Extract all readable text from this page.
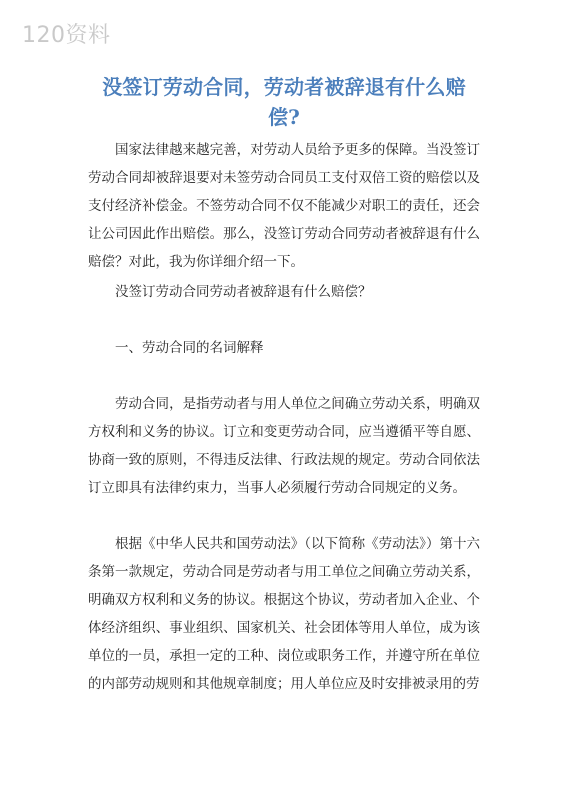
120资料
没签订劳动合同，劳动者被辞退有什么赔偿?

国家法律越来越完善，对劳动人员给予更多的保障。当没签订劳动合同却被辞退要对未签劳动合同员工支付双倍工资的赔偿以及支付经济补偿金。不签劳动合同不仅不能减少对职工的责任，还会让公司因此作出赔偿。那么，没签订劳动合同劳动者被辞退有什么赔偿？对此，我为你详细介绍一下。

没签订劳动合同劳动者被辞退有什么赔偿？

一、劳动合同的名词解释

劳动合同，是指劳动者与用人单位之间确立劳动关系，明确双方权利和义务的协议。订立和变更劳动合同，应当遵循平等自愿、协商一致的原则，不得违反法律、行政法规的规定。劳动合同依法订立即具有法律约束力，当事人必须履行劳动合同规定的义务。

根据《中华人民共和国劳动法》（以下简称《劳动法》）第十六条第一款规定，劳动合同是劳动者与用工单位之间确立劳动关系，明确双方权利和义务的协议。根据这个协议，劳动者加入企业、个体经济组织、事业组织、国家机关、社会团体等用人单位，成为该单位的一员，承担一定的工种、岗位或职务工作，并遵守所在单位的内部劳动规则和其他规章制度；用人单位应及时安排被录用的劳
